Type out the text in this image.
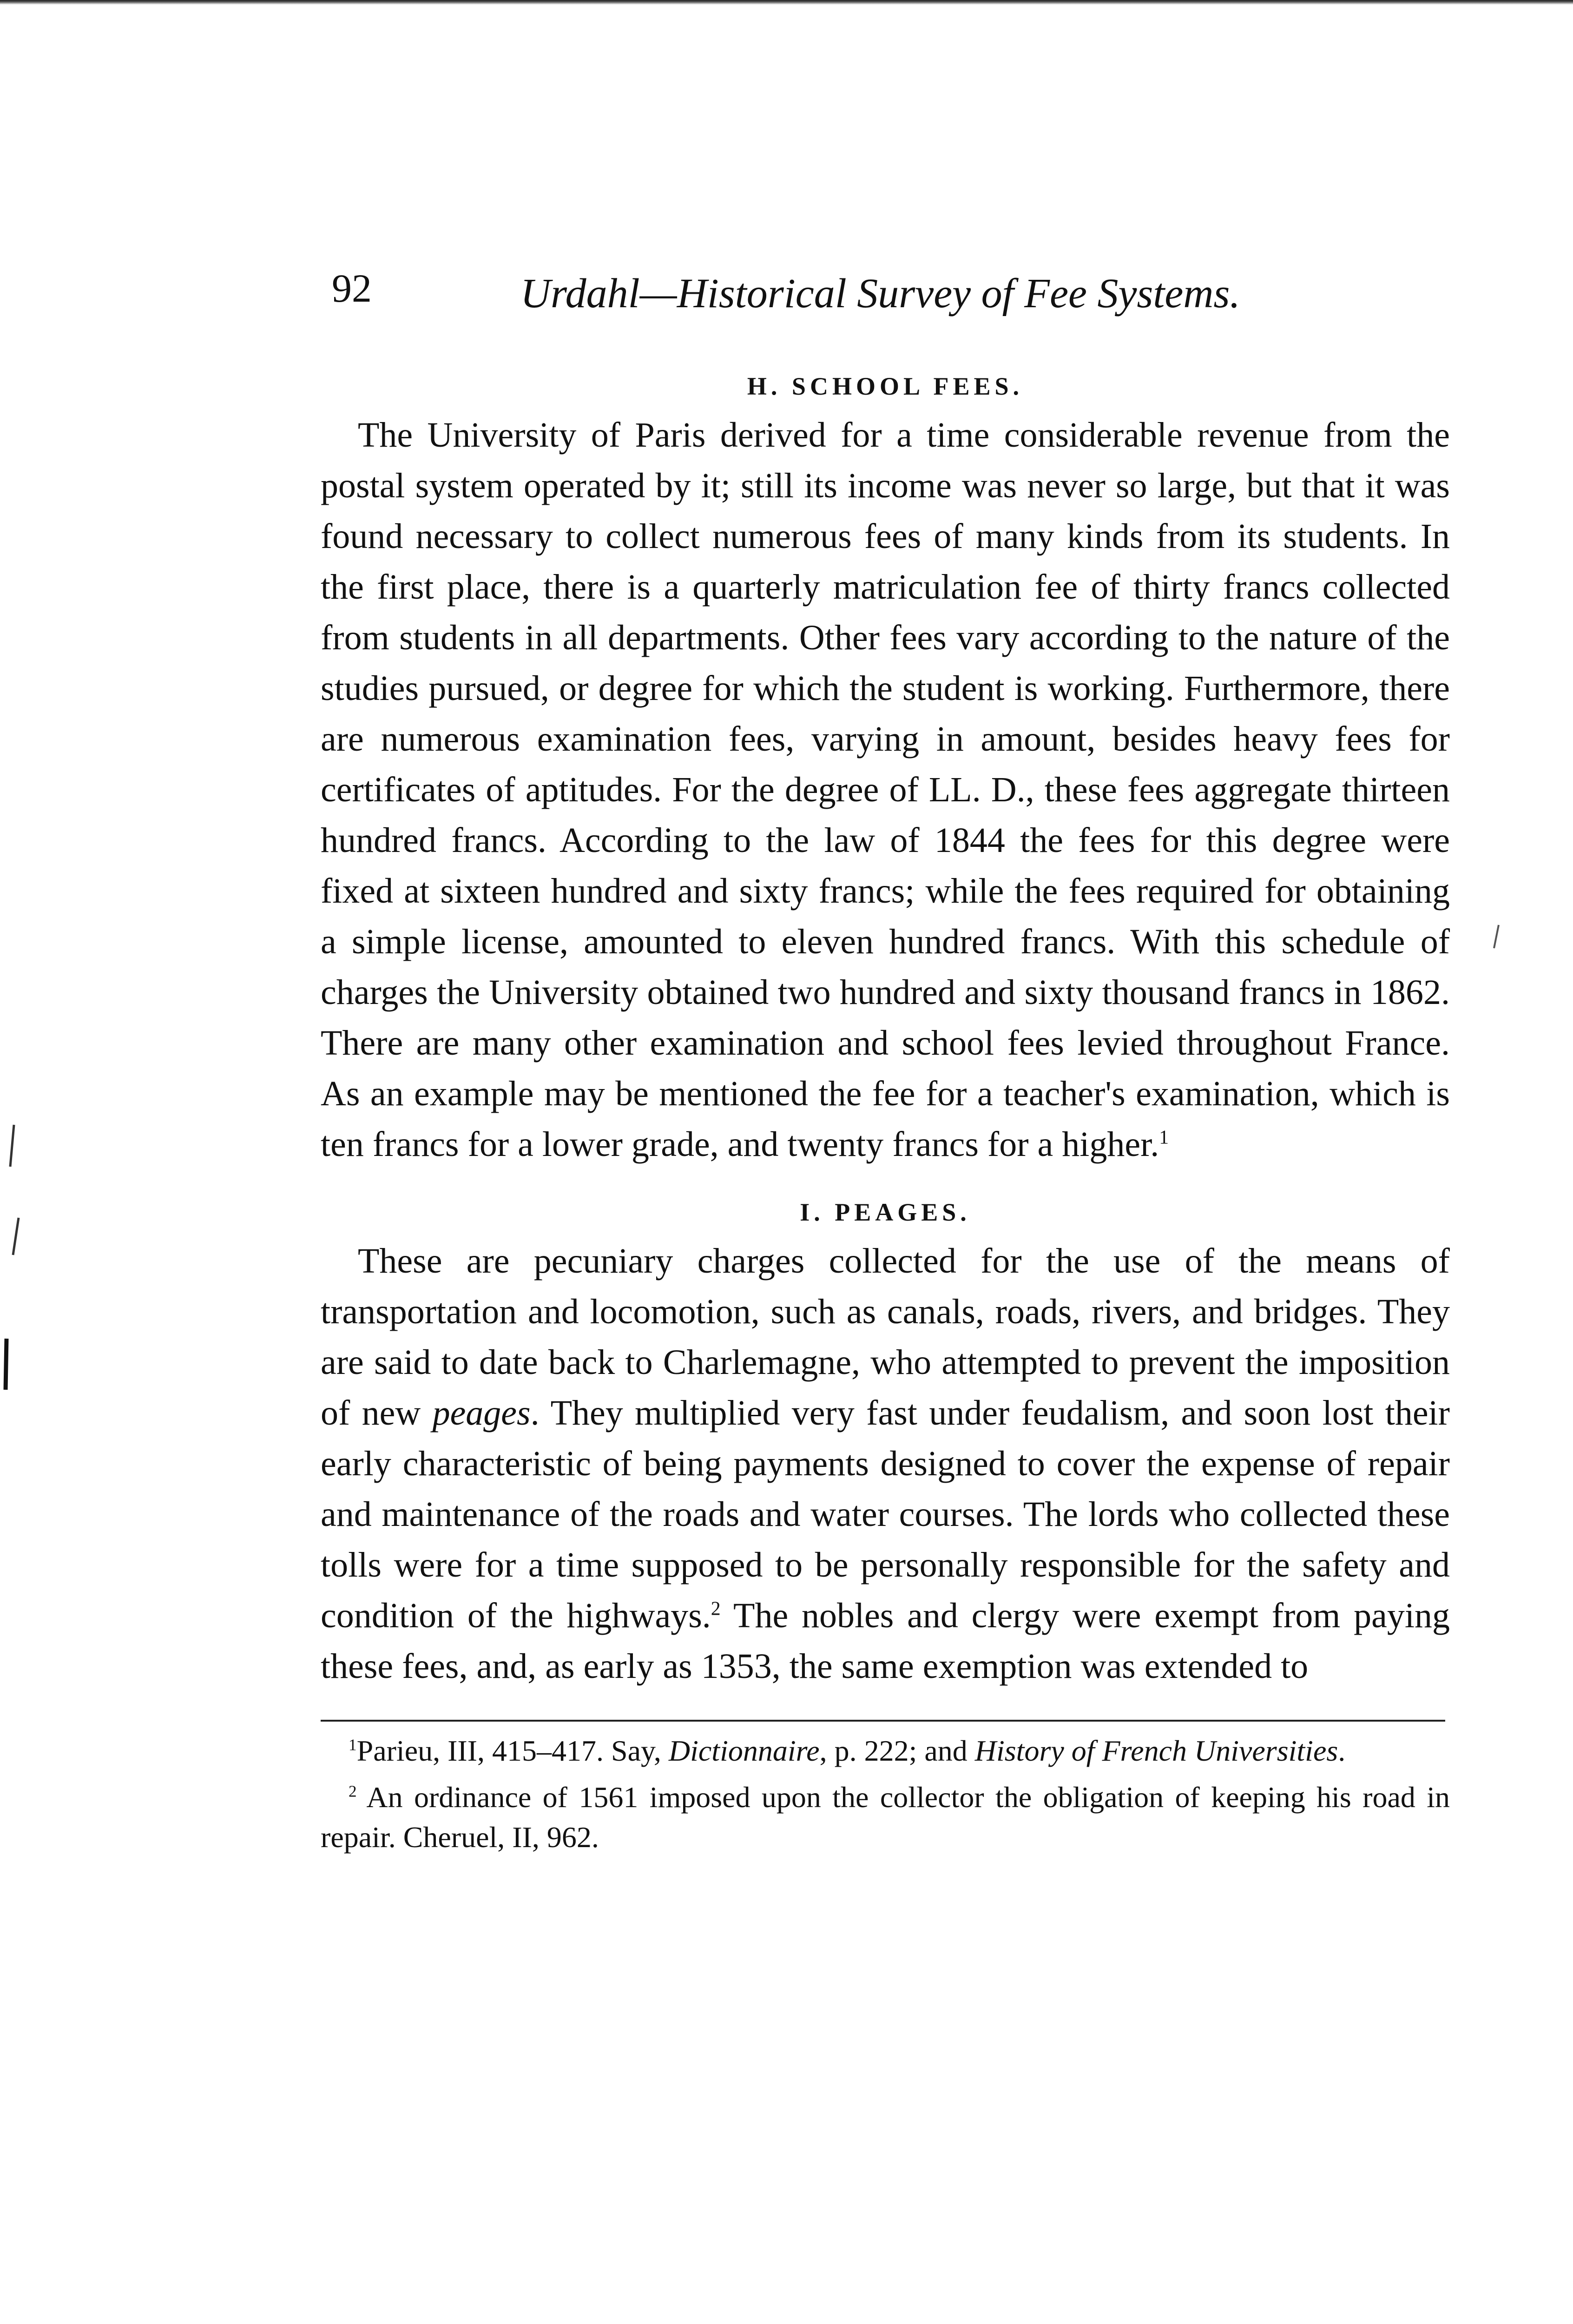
92	Urdahl—Historical Survey of Fee Systems.
H. SCHOOL FEES.

The University of Paris derived for a time considerable revenue from the postal system operated by it; still its income was never so large, but that it was found necessary to collect numerous fees of many kinds from its students. In the first place, there is a quarterly matriculation fee of thirty francs collected from students in all departments. Other fees vary according to the nature of the studies pursued, or degree for which the student is working. Furthermore, there are numerous examination fees, varying in amount, besides heavy fees for certificates of aptitudes. For the degree of LL. D., these fees aggregate thirteen hundred francs. According to the law of 1844 the fees for this degree were fixed at sixteen hundred and sixty francs; while the fees required for obtaining a simple license, amounted to eleven hundred francs. With this schedule of charges the University obtained two hundred and sixty thousand francs in 1862. There are many other examination and school fees levied throughout France. As an example may be mentioned the fee for a teacher's examination, which is ten francs for a lower grade, and twenty francs for a higher.$^1$

I. PEAGES.

These are pecuniary charges collected for the use of the means of transportation and locomotion, such as canals, roads, rivers, and bridges. They are said to date back to Charlemagne, who attempted to prevent the imposition of new peages. They multiplied very fast under feudalism, and soon lost their early characteristic of being payments designed to cover the expense of repair and maintenance of the roads and water courses. The lords who collected these tolls were for a time supposed to be personally responsible for the safety and condition of the highways.$^2$ The nobles and clergy were exempt from paying these fees, and, as early as 1353, the same exemption was extended to

$^1$Parieu, III, 415–417. Say, Dictionnaire, p. 222; and History of French Universities.

$^2$ An ordinance of 1561 imposed upon the collector the obligation of keeping his road in repair. Cheruel, II, 962.
